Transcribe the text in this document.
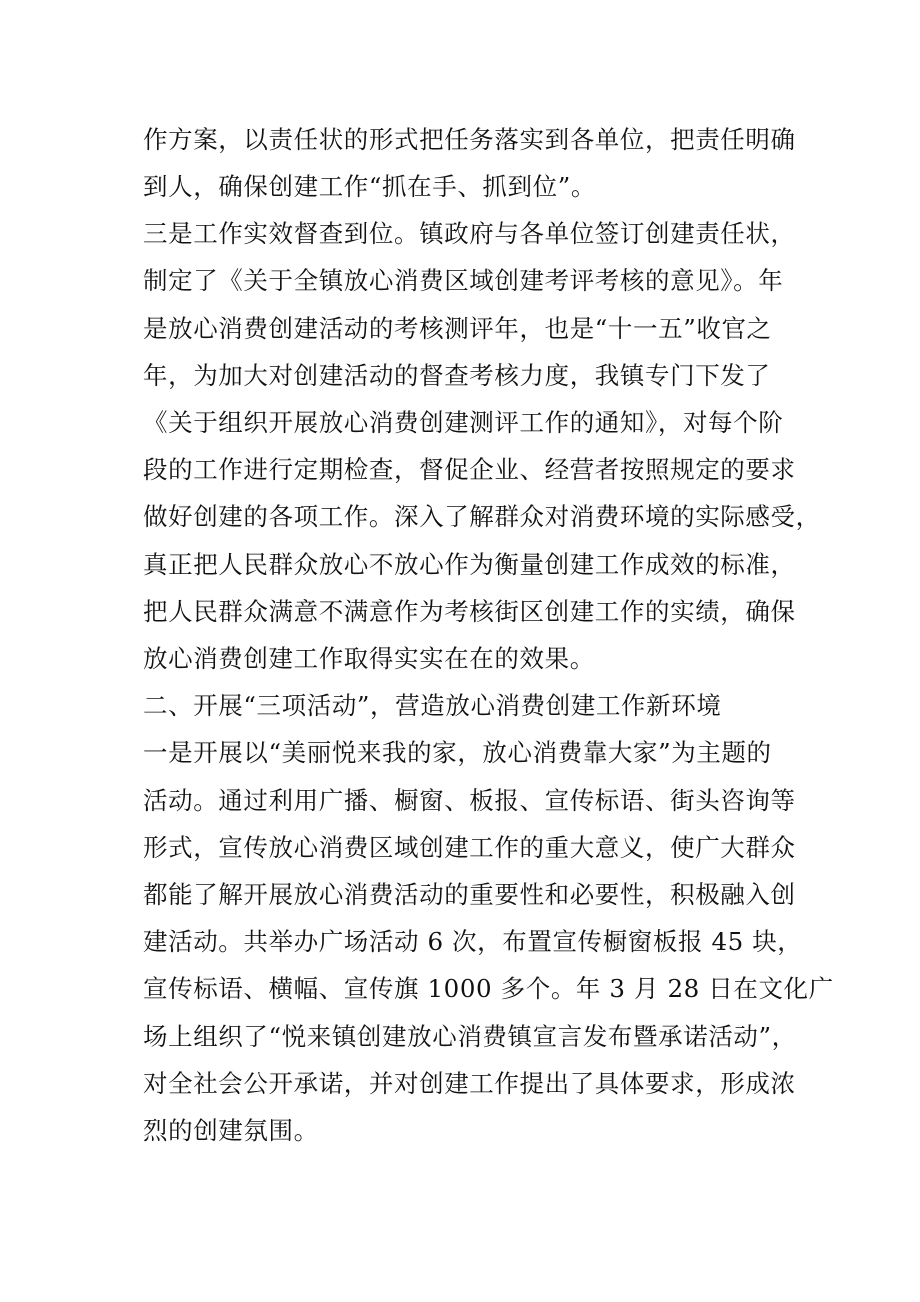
作方案，以责任状的形式把任务落实到各单位，把责任明确
到人，确保创建工作“抓在手、抓到位”。
三是工作实效督查到位。镇政府与各单位签订创建责任状，
制定了《关于全镇放心消费区域创建考评考核的意见》。年
是放心消费创建活动的考核测评年，也是“十一五”收官之
年，为加大对创建活动的督查考核力度，我镇专门下发了
《关于组织开展放心消费创建测评工作的通知》，对每个阶
段的工作进行定期检查，督促企业、经营者按照规定的要求
做好创建的各项工作。深入了解群众对消费环境的实际感受，
真正把人民群众放心不放心作为衡量创建工作成效的标准，
把人民群众满意不满意作为考核街区创建工作的实绩，确保
放心消费创建工作取得实实在在的效果。
二、开展“三项活动”，营造放心消费创建工作新环境
一是开展以“美丽悦来我的家，放心消费靠大家”为主题的
活动。通过利用广播、橱窗、板报、宣传标语、街头咨询等
形式，宣传放心消费区域创建工作的重大意义，使广大群众
都能了解开展放心消费活动的重要性和必要性，积极融入创
建活动。共举办广场活动 6 次，布置宣传橱窗板报 45 块，
宣传标语、横幅、宣传旗 1000 多个。年 3 月 28 日在文化广
场上组织了“悦来镇创建放心消费镇宣言发布暨承诺活动”，
对全社会公开承诺，并对创建工作提出了具体要求，形成浓
烈的创建氛围。
